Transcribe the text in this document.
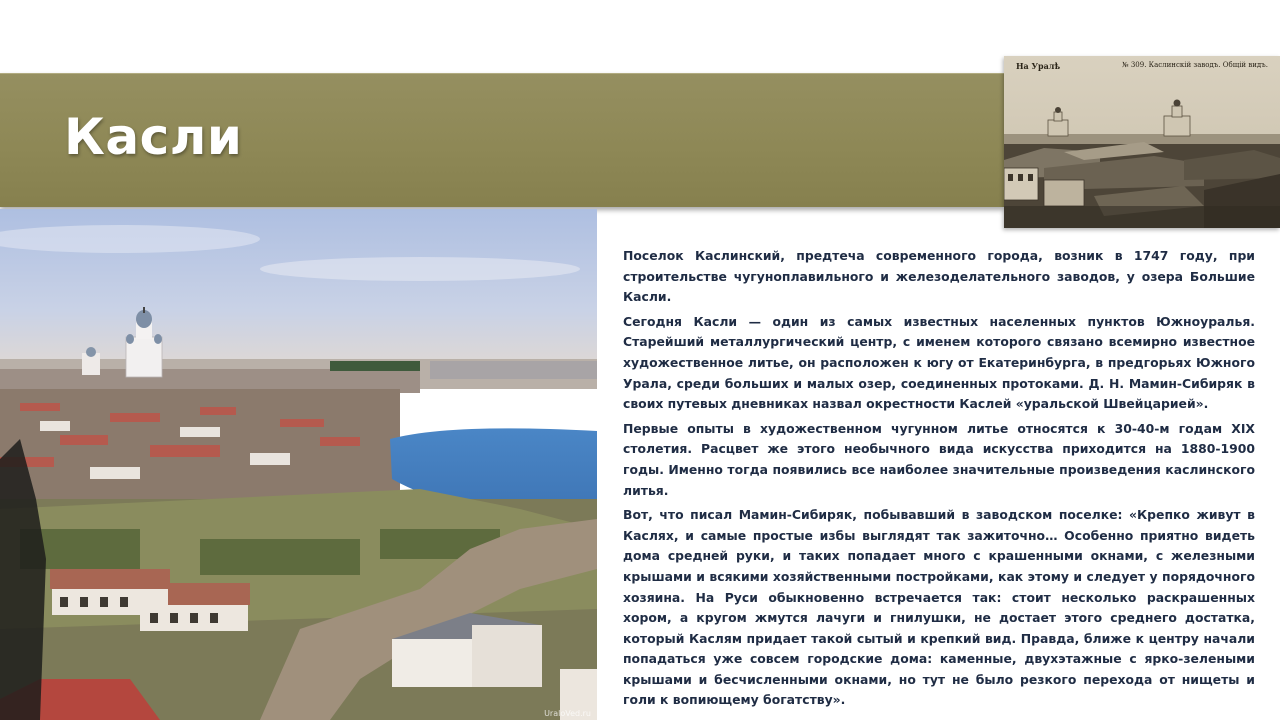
Касли
На Уралѣ	№ 309. Каслинскій заводъ. Общій видъ.
UraloVed.ru

Поселок Каслинский, предтеча современного города, возник в 1747 году, при строительстве чугуноплавильного и железоделательного заводов, у озера Большие Касли.

Сегодня Касли — один из самых известных населенных пунктов Южноуралья. Старейший металлургический центр, с именем которого связано всемирно известное художественное литье, он расположен к югу от Екатеринбурга, в предгорьях Южного Урала, среди больших и малых озер, соединенных протоками. Д. Н. Мамин-Сибиряк в своих путевых дневниках назвал окрестности Каслей «уральской Швейцарией».

Первые опыты в художественном чугунном литье относятся к 30-40-м годам XIX столетия. Расцвет же этого необычного вида искусства приходится на 1880-1900 годы. Именно тогда появились все наиболее значительные произведения каслинского литья.

Вот, что писал Мамин-Сибиряк, побывавший в заводском поселке: «Крепко живут в Каслях, и самые простые избы выглядят так зажиточно… Особенно приятно видеть дома средней руки, и таких попадает много с крашенными окнами, с железными крышами и всякими хозяйственными постройками, как этому и следует у порядочного хозяина. На Руси обыкновенно встречается так: стоит несколько раскрашенных хором, а кругом жмутся лачуги и гнилушки, не достает этого среднего достатка, который Каслям придает такой сытый и крепкий вид. Правда, ближе к центру начали попадаться уже совсем городские дома: каменные, двухэтажные с ярко-зелеными крышами и бесчисленными окнами, но тут не было резкого перехода от нищеты и голи к вопиющему богатству».
